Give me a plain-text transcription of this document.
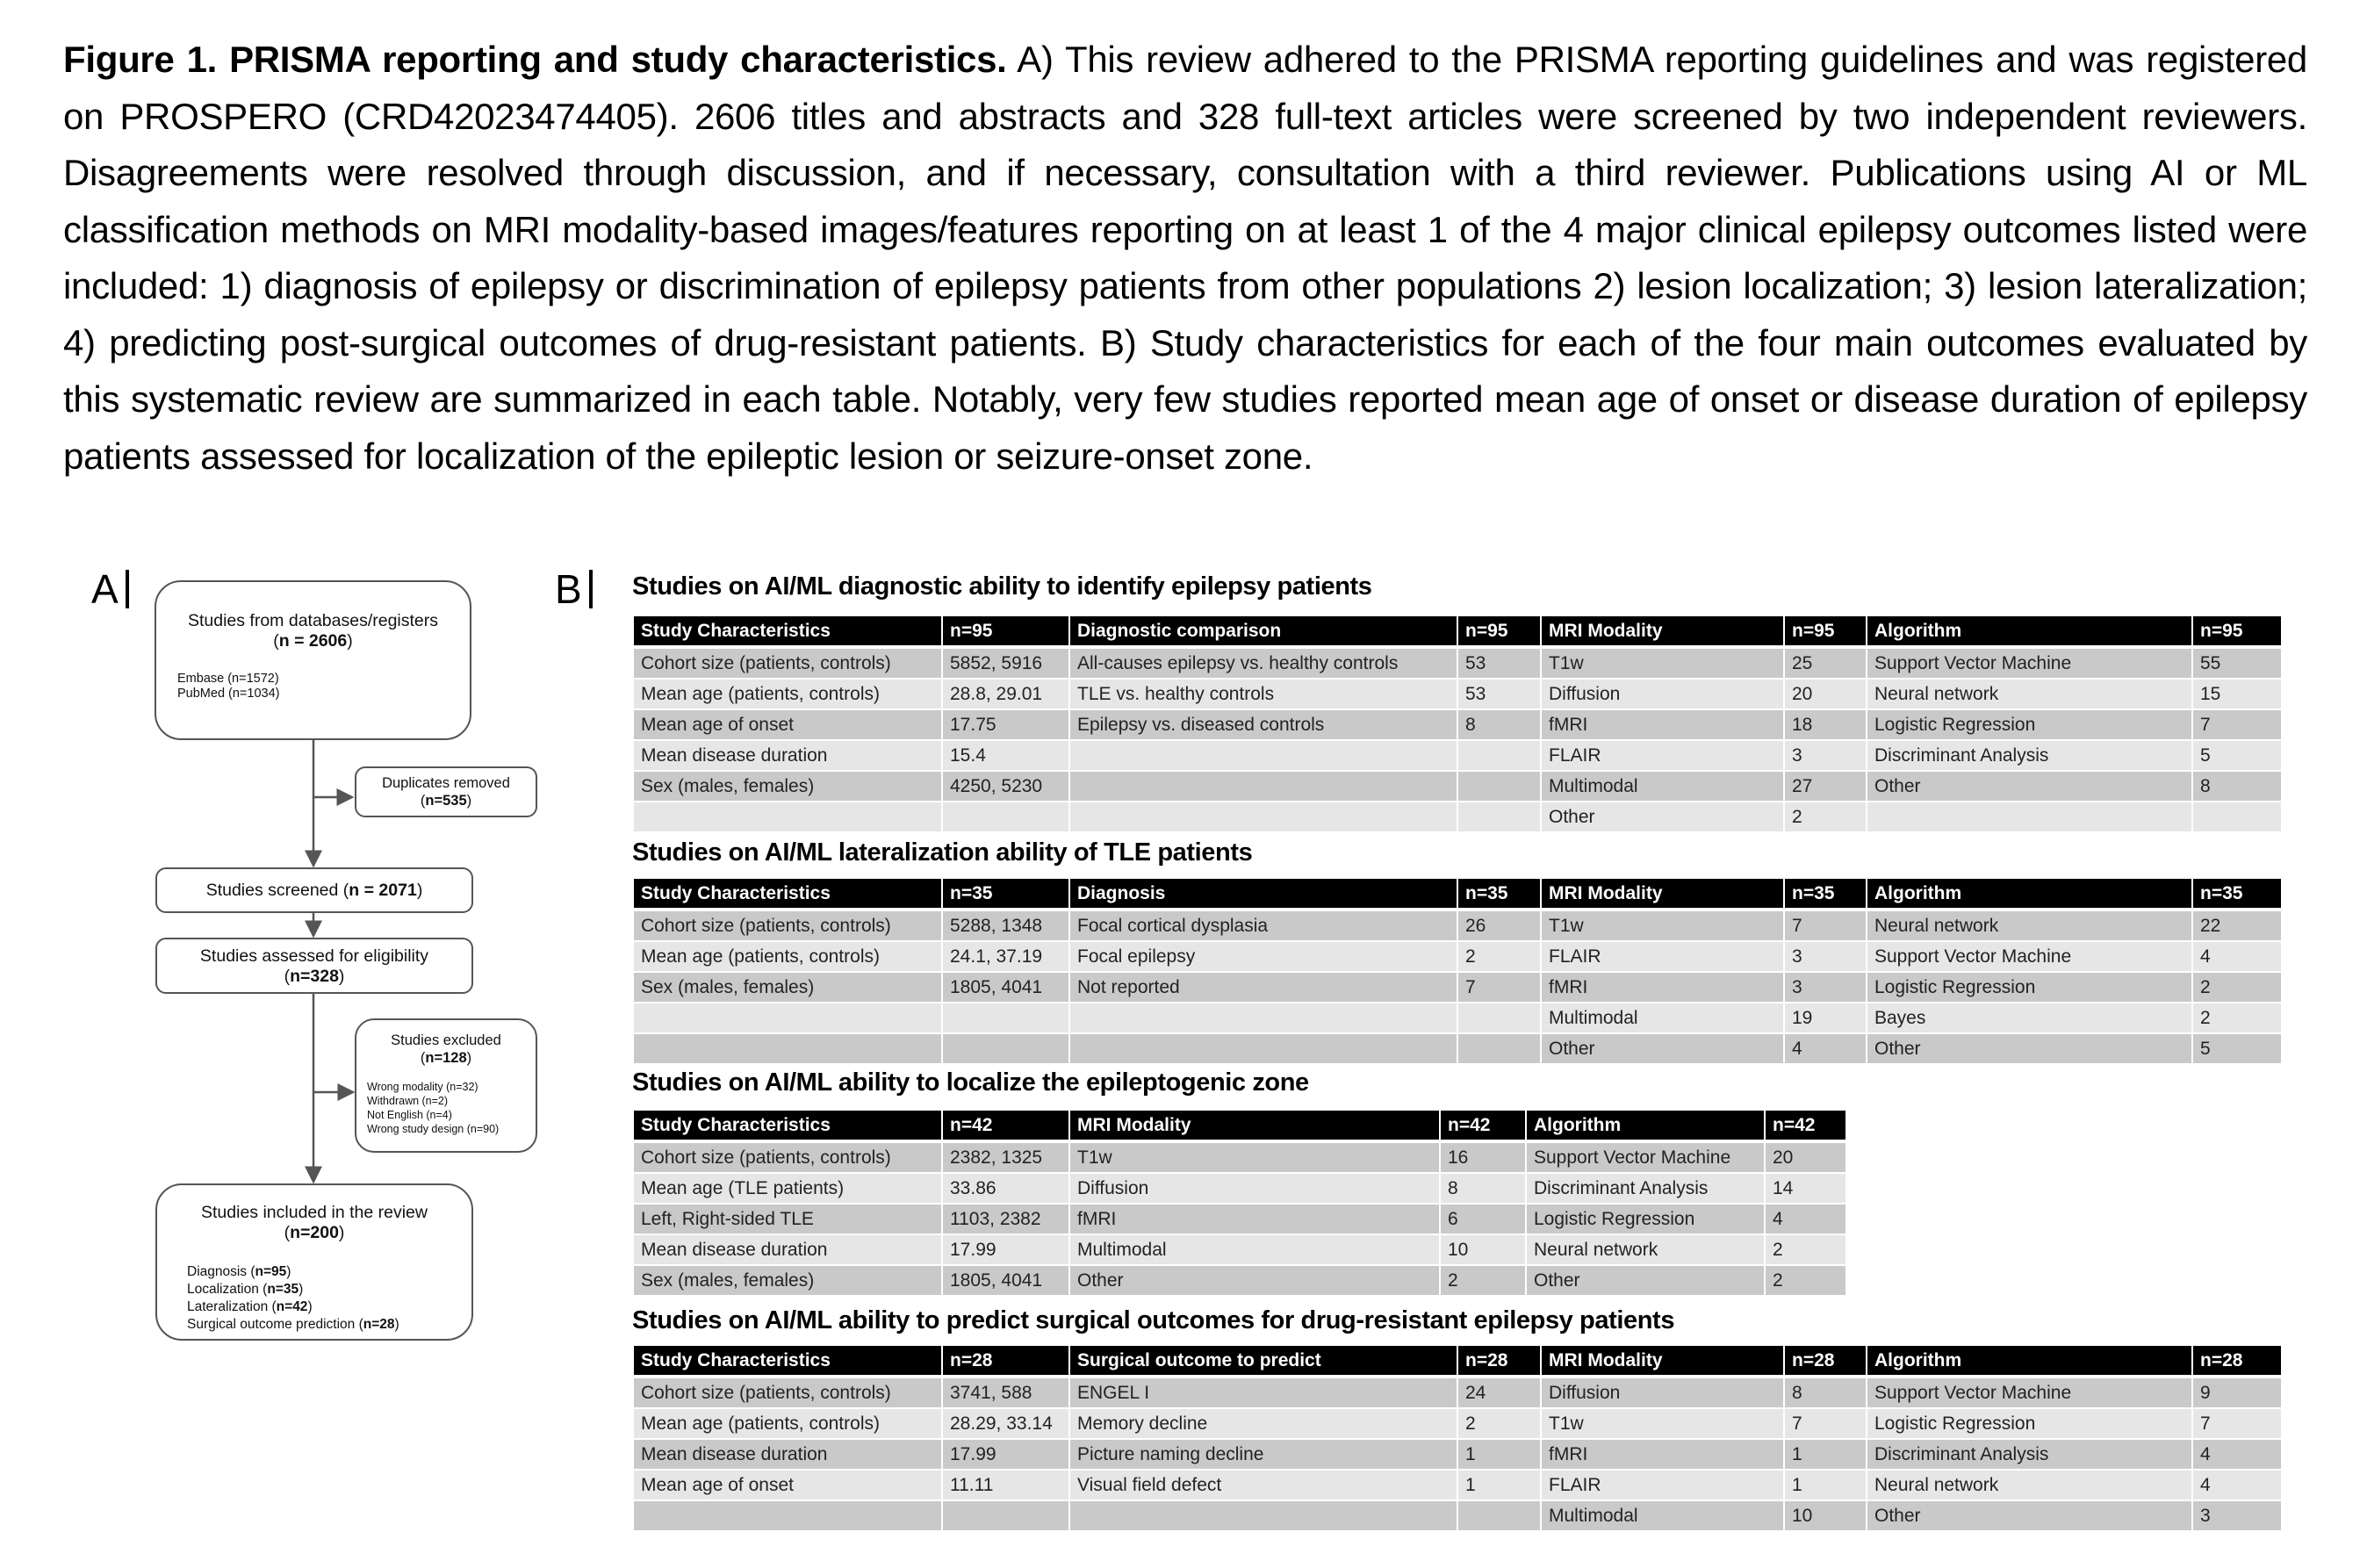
Figure 1. PRISMA reporting and study characteristics. A) This review adhered to the PRISMA reporting guidelines and was registered on PROSPERO (CRD42023474405). 2606 titles and abstracts and 328 full-text articles were screened by two independent reviewers. Disagreements were resolved through discussion, and if necessary, consultation with a third reviewer. Publications using AI or ML classification methods on MRI modality-based images/features reporting on at least 1 of the 4 major clinical epilepsy outcomes listed were included: 1) diagnosis of epilepsy or discrimination of epilepsy patients from other populations 2) lesion localization; 3) lesion lateralization; 4) predicting post-surgical outcomes of drug-resistant patients. B) Study characteristics for each of the four main outcomes evaluated by this systematic review are summarized in each table. Notably, very few studies reported mean age of onset or disease duration of epilepsy patients assessed for localization of the epileptic lesion or seizure-onset zone.
A	B
Studies from databases/registers
(n = 2606)
Embase (n=1572)
PubMed (n=1034)
Duplicates removed
(n=535)
Studies screened (n = 2071)
Studies assessed for eligibility
(n=328)
Studies excluded
(n=128)
Wrong modality (n=32)
Withdrawn (n=2)
Not English (n=4)
Wrong study design (n=90)
Studies included in the review
(n=200)
Diagnosis (n=95)
Localization (n=35)
Lateralization (n=42)
Surgical outcome prediction (n=28)
Studies on AI/ML diagnostic ability to identify epilepsy patients
Study Characteristics	n=95	Diagnostic comparison	n=95	MRI Modality	n=95	Algorithm	n=95
Cohort size (patients, controls)	5852, 5916	All-causes epilepsy vs. healthy controls	53	T1w	25	Support Vector Machine	55
Mean age (patients, controls)	28.8, 29.01	TLE vs. healthy controls	53	Diffusion	20	Neural network	15
Mean age of onset	17.75	Epilepsy vs. diseased controls	8	fMRI	18	Logistic Regression	7
Mean disease duration	15.4			FLAIR	3	Discriminant Analysis	5
Sex (males, females)	4250, 5230			Multimodal	27	Other	8
				Other	2		
Studies on AI/ML lateralization ability of TLE patients
Study Characteristics	n=35	Diagnosis	n=35	MRI Modality	n=35	Algorithm	n=35
Cohort size (patients, controls)	5288, 1348	Focal cortical dysplasia	26	T1w	7	Neural network	22
Mean age (patients, controls)	24.1, 37.19	Focal epilepsy	2	FLAIR	3	Support Vector Machine	4
Sex (males, females)	1805, 4041	Not reported	7	fMRI	3	Logistic Regression	2
				Multimodal	19	Bayes	2
				Other	4	Other	5
Studies on AI/ML ability to localize the epileptogenic zone
Study Characteristics	n=42	MRI Modality	n=42	Algorithm	n=42
Cohort size (patients, controls)	2382, 1325	T1w	16	Support Vector Machine	20
Mean age (TLE patients)	33.86	Diffusion	8	Discriminant Analysis	14
Left, Right-sided TLE	1103, 2382	fMRI	6	Logistic Regression	4
Mean disease duration	17.99	Multimodal	10	Neural network	2
Sex (males, females)	1805, 4041	Other	2	Other	2
Studies on AI/ML ability to predict surgical outcomes for drug-resistant epilepsy patients
Study Characteristics	n=28	Surgical outcome to predict	n=28	MRI Modality	n=28	Algorithm	n=28
Cohort size (patients, controls)	3741, 588	ENGEL I	24	Diffusion	8	Support Vector Machine	9
Mean age (patients, controls)	28.29, 33.14	Memory decline	2	T1w	7	Logistic Regression	7
Mean disease duration	17.99	Picture naming decline	1	fMRI	1	Discriminant Analysis	4
Mean age of onset	11.11	Visual field defect	1	FLAIR	1	Neural network	4
				Multimodal	10	Other	3
